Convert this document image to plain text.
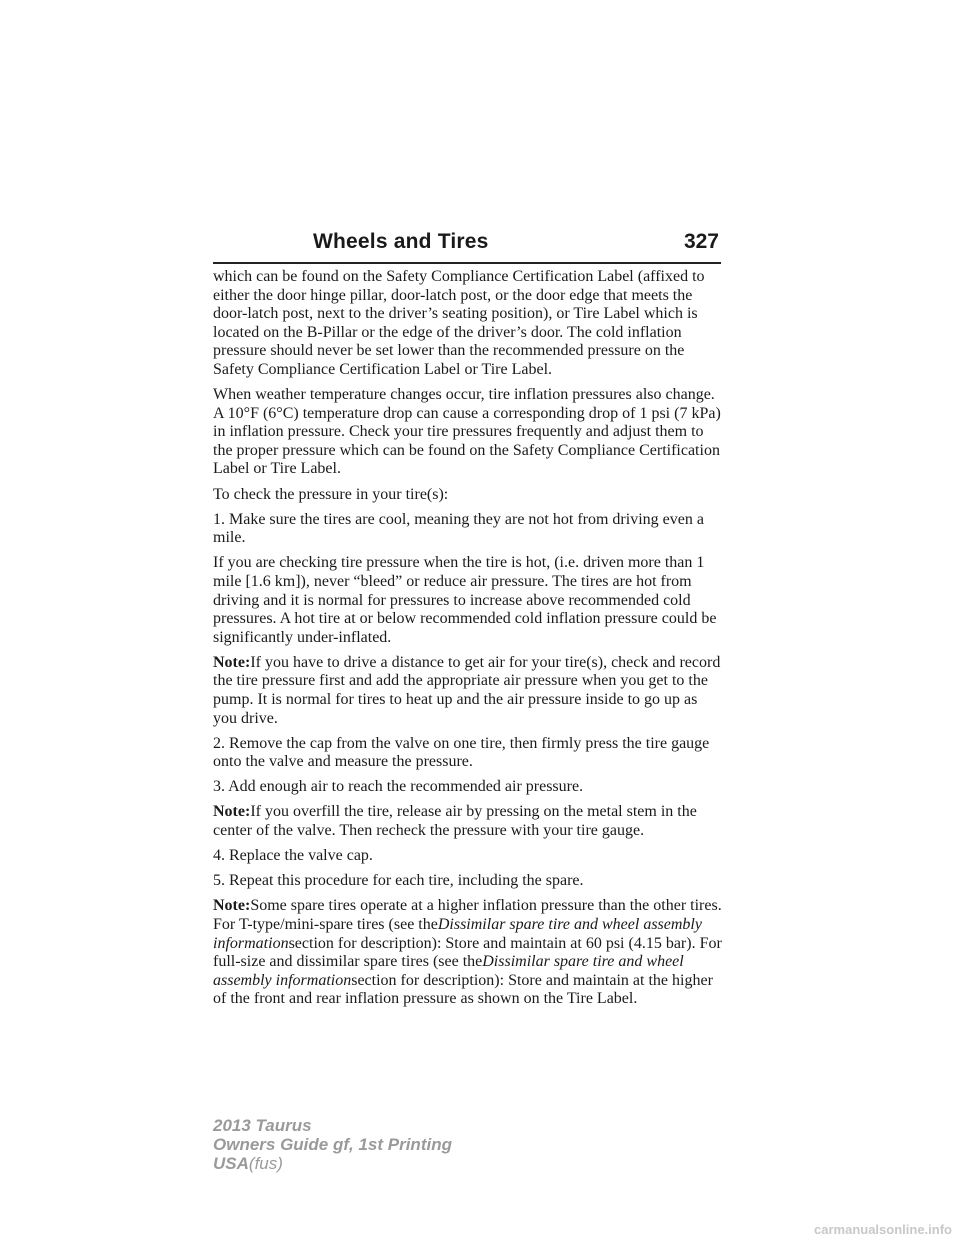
Wheels and Tires	327

which can be found on the Safety Compliance Certification Label (affixed to either the door hinge pillar, door-latch post, or the door edge that meets the door-latch post, next to the driver’s seating position), or Tire Label which is located on the B-Pillar or the edge of the driver’s door. The cold inflation pressure should never be set lower than the recommended pressure on the Safety Compliance Certification Label or Tire Label.

When weather temperature changes occur, tire inflation pressures also change. A 10°F (6°C) temperature drop can cause a corresponding drop of 1 psi (7 kPa) in inflation pressure. Check your tire pressures frequently and adjust them to the proper pressure which can be found on the Safety Compliance Certification Label or Tire Label.

To check the pressure in your tire(s):

1. Make sure the tires are cool, meaning they are not hot from driving even a mile.

If you are checking tire pressure when the tire is hot, (i.e. driven more than 1 mile [1.6 km]), never “bleed” or reduce air pressure. The tires are hot from driving and it is normal for pressures to increase above recommended cold pressures. A hot tire at or below recommended cold inflation pressure could be significantly under-inflated.

Note:If you have to drive a distance to get air for your tire(s), check and record the tire pressure first and add the appropriate air pressure when you get to the pump. It is normal for tires to heat up and the air pressure inside to go up as you drive.

2. Remove the cap from the valve on one tire, then firmly press the tire gauge onto the valve and measure the pressure.

3. Add enough air to reach the recommended air pressure.

Note:If you overfill the tire, release air by pressing on the metal stem in the center of the valve. Then recheck the pressure with your tire gauge.

4. Replace the valve cap.

5. Repeat this procedure for each tire, including the spare.

Note:Some spare tires operate at a higher inflation pressure than the other tires. For T-type/mini-spare tires (see theDissimilar spare tire and wheel assembly informationsection for description): Store and maintain at 60 psi (4.15 bar). For full-size and dissimilar spare tires (see theDissimilar spare tire and wheel assembly informationsection for description): Store and maintain at the higher of the front and rear inflation pressure as shown on the Tire Label.

2013 Taurus
Owners Guide gf, 1st Printing
USA(fus)
carmanualsonline.info
